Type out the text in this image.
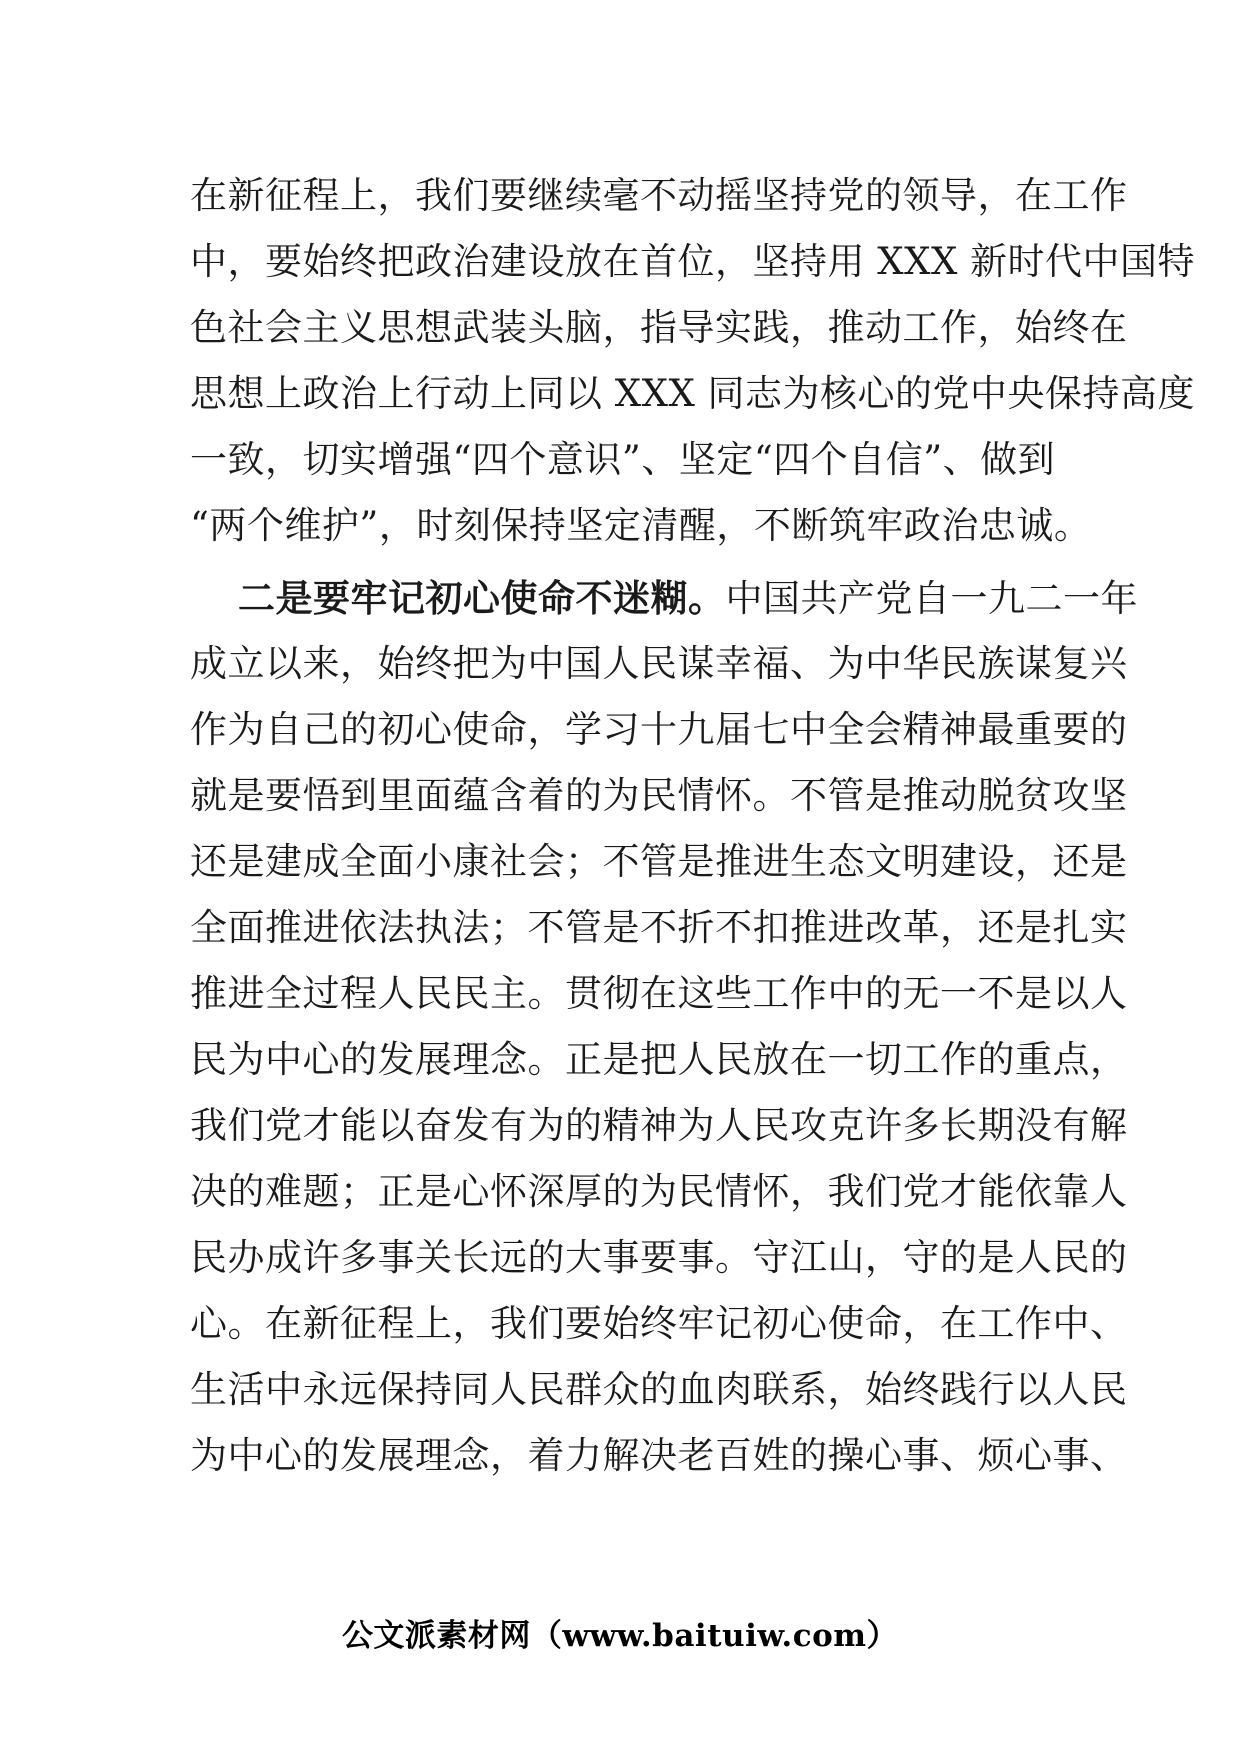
在新征程上，我们要继续毫不动摇坚持党的领导，在工作
中，要始终把政治建设放在首位，坚持用 XXX 新时代中国特
色社会主义思想武装头脑，指导实践，推动工作，始终在
思想上政治上行动上同以 XXX 同志为核心的党中央保持高度
一致，切实增强“四个意识”、坚定“四个自信”、做到
“两个维护”，时刻保持坚定清醒，不断筑牢政治忠诚。
二是要牢记初心使命不迷糊。中国共产党自一九二一年
成立以来，始终把为中国人民谋幸福、为中华民族谋复兴
作为自己的初心使命，学习十九届七中全会精神最重要的
就是要悟到里面蕴含着的为民情怀。不管是推动脱贫攻坚
还是建成全面小康社会；不管是推进生态文明建设，还是
全面推进依法执法；不管是不折不扣推进改革，还是扎实
推进全过程人民民主。贯彻在这些工作中的无一不是以人
民为中心的发展理念。正是把人民放在一切工作的重点，
我们党才能以奋发有为的精神为人民攻克许多长期没有解
决的难题；正是心怀深厚的为民情怀，我们党才能依靠人
民办成许多事关长远的大事要事。守江山，守的是人民的
心。在新征程上，我们要始终牢记初心使命，在工作中、
生活中永远保持同人民群众的血肉联系，始终践行以人民
为中心的发展理念，着力解决老百姓的操心事、烦心事、
公文派素材网（www.baituiw.com）
